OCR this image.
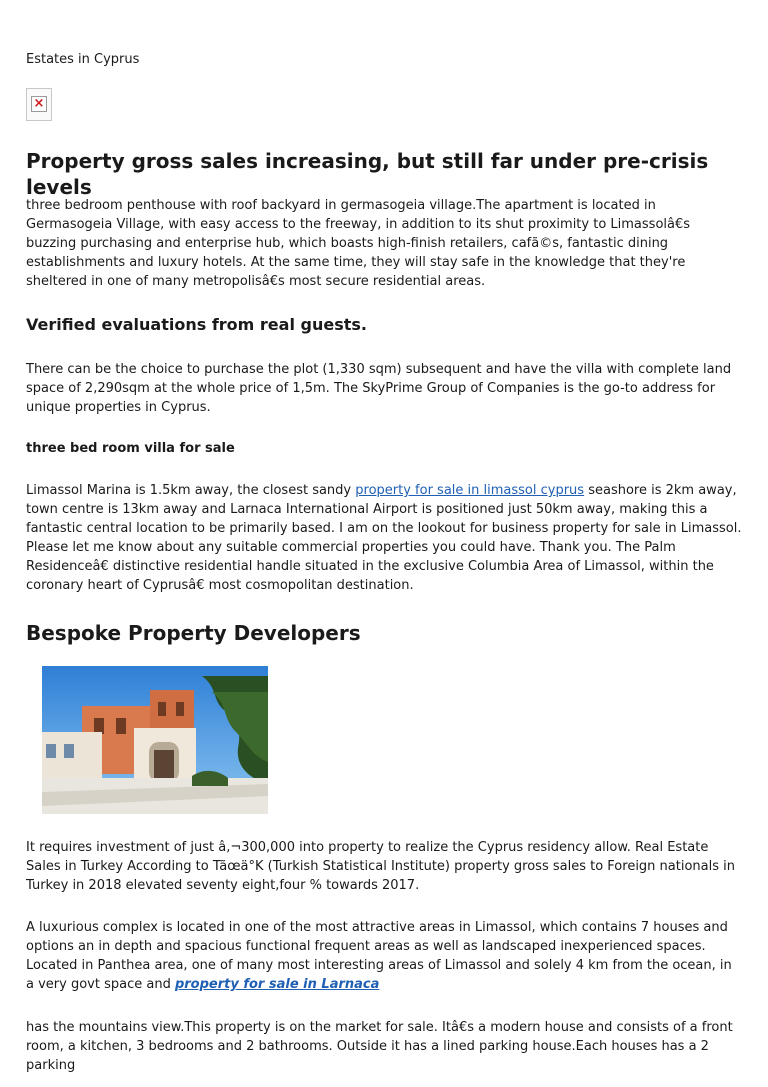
Estates in Cyprus
×
Property gross sales increasing, but still far under pre-crisis levels

three bedroom penthouse with roof backyard in germasogeia village.The apartment is located in Germasogeia Village, with easy access to the freeway, in addition to its shut proximity to Limassolâ€s buzzing purchasing and enterprise hub, which boasts high-finish retailers, cafã©s, fantastic dining establishments and luxury hotels. At the same time, they will stay safe in the knowledge that they're sheltered in one of many metropolisâ€s most secure residential areas.

Verified evaluations from real guests.

There can be the choice to purchase the plot (1,330 sqm) subsequent and have the villa with complete land space of 2,290sqm at the whole price of 1,5m. The SkyPrime Group of Companies is the go-to address for unique properties in Cyprus.

three bed room villa for sale

Limassol Marina is 1.5km away, the closest sandy property for sale in limassol cyprus seashore is 2km away, town centre is 13km away and Larnaca International Airport is positioned just 50km away, making this a fantastic central location to be primarily based. I am on the lookout for business property for sale in Limassol. Please let me know about any suitable commercial properties you could have. Thank you. The Palm Residenceâ€ distinctive residential handle situated in the exclusive Columbia Area of Limassol, within the coronary heart of Cyprusâ€ most cosmopolitan destination.

Bespoke Property Developers

It requires investment of just â,¬300,000 into property to realize the Cyprus residency allow. Real Estate Sales in Turkey According to Tãœä°K (Turkish Statistical Institute) property gross sales to Foreign nationals in Turkey in 2018 elevated seventy eight,four % towards 2017.

A luxurious complex is located in one of the most attractive areas in Limassol, which contains 7 houses and options an in depth and spacious functional frequent areas as well as landscaped inexperienced spaces. Located in Panthea area, one of many most interesting areas of Limassol and solely 4 km from the ocean, in a very govt space and property for sale in Larnaca

has the mountains view.This property is on the market for sale. Itâ€s a modern house and consists of a front room, a kitchen, 3 bedrooms and 2 bathrooms. Outside it has a lined parking house.Each houses has a 2 parking
